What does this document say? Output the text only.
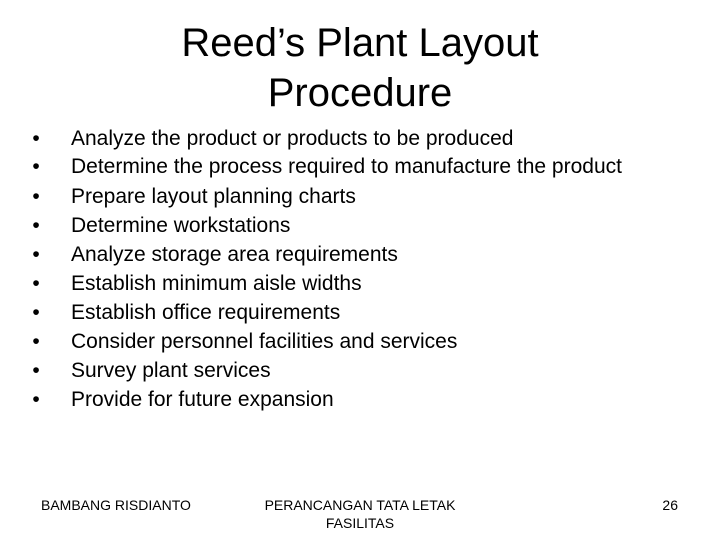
Reed’s Plant Layout
Procedure
•	Analyze the product or products to be produced
•	Determine the process required to manufacture the product
•	Prepare layout planning charts
•	Determine workstations
•	Analyze storage area requirements
•	Establish minimum aisle widths
•	Establish office requirements
•	Consider personnel facilities and services
•	Survey plant services
•	Provide for future expansion
BAMBANG RISDIANTO	PERANCANGAN TATA LETAK
FASILITAS
26
